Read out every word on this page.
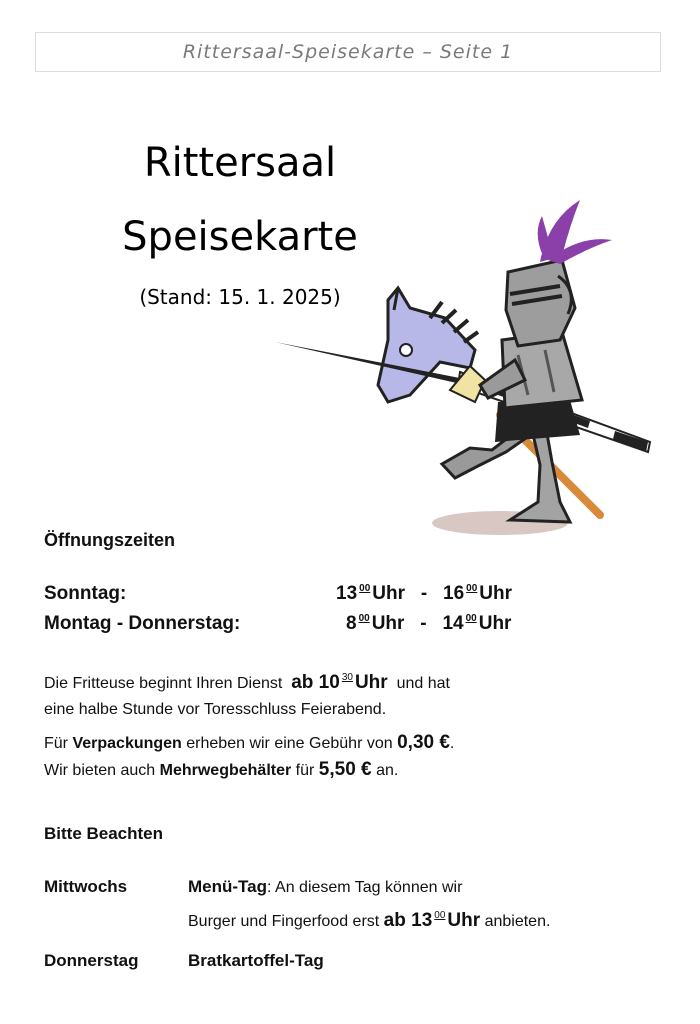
Rittersaal-Speisekarte – Seite 1
Rittersaal
Speisekarte
(Stand: 15. 1. 2025)
Öffnungszeiten
Sonntag:	13 $^{00}$ Uhr - 16 $^{00}$ Uhr
Montag - Donnerstag:	8 $^{00}$ Uhr - 14 $^{00}$ Uhr
Die Fritteuse beginnt Ihren Dienst ab 10 $^{30}$ Uhr und hat
eine halbe Stunde vor Toresschluss Feierabend.
Für Verpackungen erheben wir eine Gebühr von 0,30 €.
Wir bieten auch Mehrwegbehälter für 5,50 € an.
Bitte Beachten
Mittwochs	Menü-Tag: An diesem Tag können wir
Burger und Fingerfood erst ab 13 $^{00}$ Uhr anbieten.
Donnerstag	Bratkartoffel-Tag
